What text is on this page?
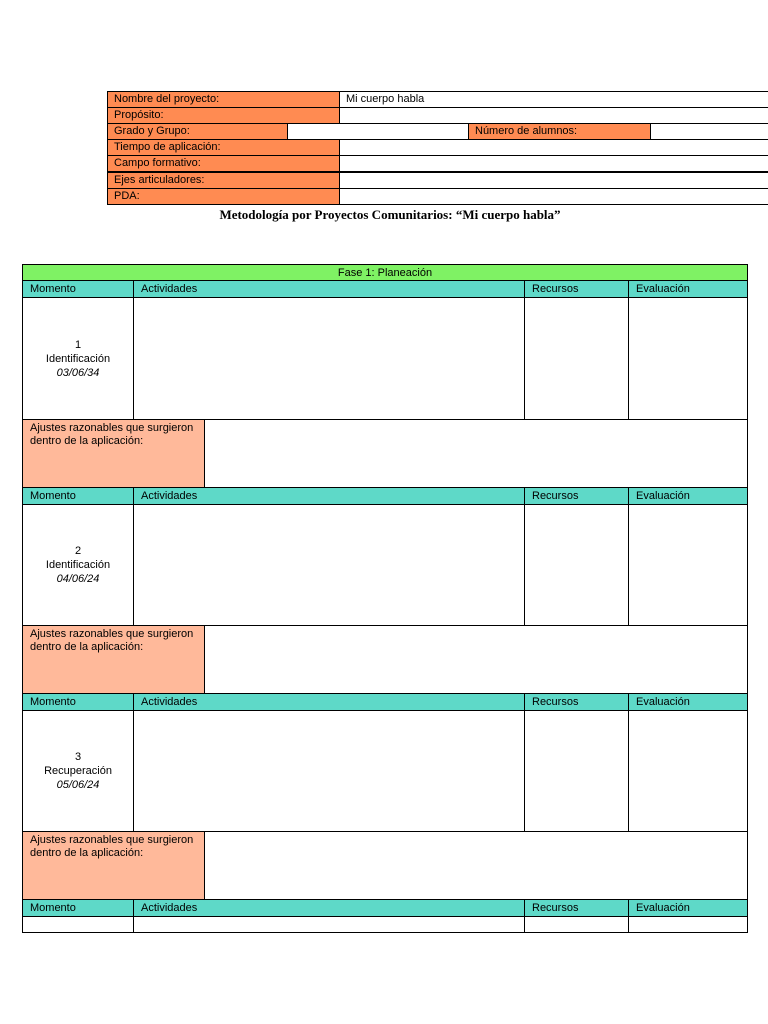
Nombre del proyecto:	Mi cuerpo habla
Propósito:
Grado y Grupo:	Número de alumnos:
Tiempo de aplicación:
Campo formativo:
Ejes articuladores:
PDA:
Metodología por Proyectos Comunitarios: “Mi cuerpo habla”
Fase 1: Planeación
Momento	Actividades	Recursos	Evaluación
1
Identificación
03/06/34
Ajustes razonables que surgieron dentro de la aplicación:
Momento	Actividades	Recursos	Evaluación
2
Identificación
04/06/24
Ajustes razonables que surgieron dentro de la aplicación:
Momento	Actividades	Recursos	Evaluación
3
Recuperación
05/06/24
Ajustes razonables que surgieron dentro de la aplicación:
Momento	Actividades	Recursos	Evaluación
